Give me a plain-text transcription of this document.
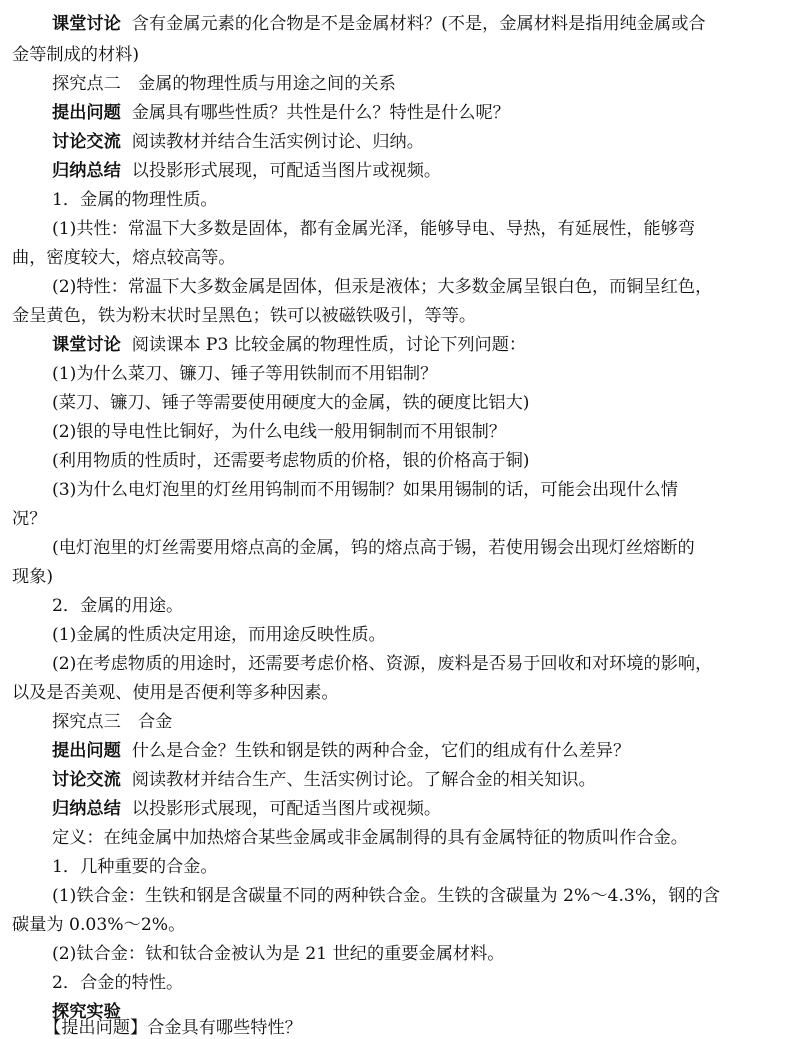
课堂讨论 含有金属元素的化合物是不是金属材料？(不是，金属材料是指用纯金属或合
金等制成的材料)
探究点二　金属的物理性质与用途之间的关系
提出问题 金属具有哪些性质？共性是什么？特性是什么呢？
讨论交流 阅读教材并结合生活实例讨论、归纳。
归纳总结 以投影形式展现，可配适当图片或视频。
1．金属的物理性质。
(1)共性：常温下大多数是固体，都有金属光泽，能够导电、导热，有延展性，能够弯
曲，密度较大，熔点较高等。
(2)特性：常温下大多数金属是固体，但汞是液体；大多数金属呈银白色，而铜呈红色，
金呈黄色，铁为粉末状时呈黑色；铁可以被磁铁吸引，等等。
课堂讨论 阅读课本 P3 比较金属的物理性质，讨论下列问题：
(1)为什么菜刀、镰刀、锤子等用铁制而不用铝制？
(菜刀、镰刀、锤子等需要使用硬度大的金属，铁的硬度比铝大)
(2)银的导电性比铜好，为什么电线一般用铜制而不用银制？
(利用物质的性质时，还需要考虑物质的价格，银的价格高于铜)
(3)为什么电灯泡里的灯丝用钨制而不用锡制？如果用锡制的话，可能会出现什么情
况？
(电灯泡里的灯丝需要用熔点高的金属，钨的熔点高于锡，若使用锡会出现灯丝熔断的
现象)
2．金属的用途。
(1)金属的性质决定用途，而用途反映性质。
(2)在考虑物质的用途时，还需要考虑价格、资源，废料是否易于回收和对环境的影响，
以及是否美观、使用是否便利等多种因素。
探究点三　合金
提出问题 什么是合金？生铁和钢是铁的两种合金，它们的组成有什么差异？
讨论交流 阅读教材并结合生产、生活实例讨论。了解合金的相关知识。
归纳总结 以投影形式展现，可配适当图片或视频。
定义：在纯金属中加热熔合某些金属或非金属制得的具有金属特征的物质叫作合金。
1．几种重要的合金。
(1)铁合金：生铁和钢是含碳量不同的两种铁合金。生铁的含碳量为 2%～4.3%，钢的含
碳量为 0.03%～2%。
(2)钛合金：钛和钛合金被认为是 21 世纪的重要金属材料。
2．合金的特性。
探究实验
【提出问题】合金具有哪些特性？
